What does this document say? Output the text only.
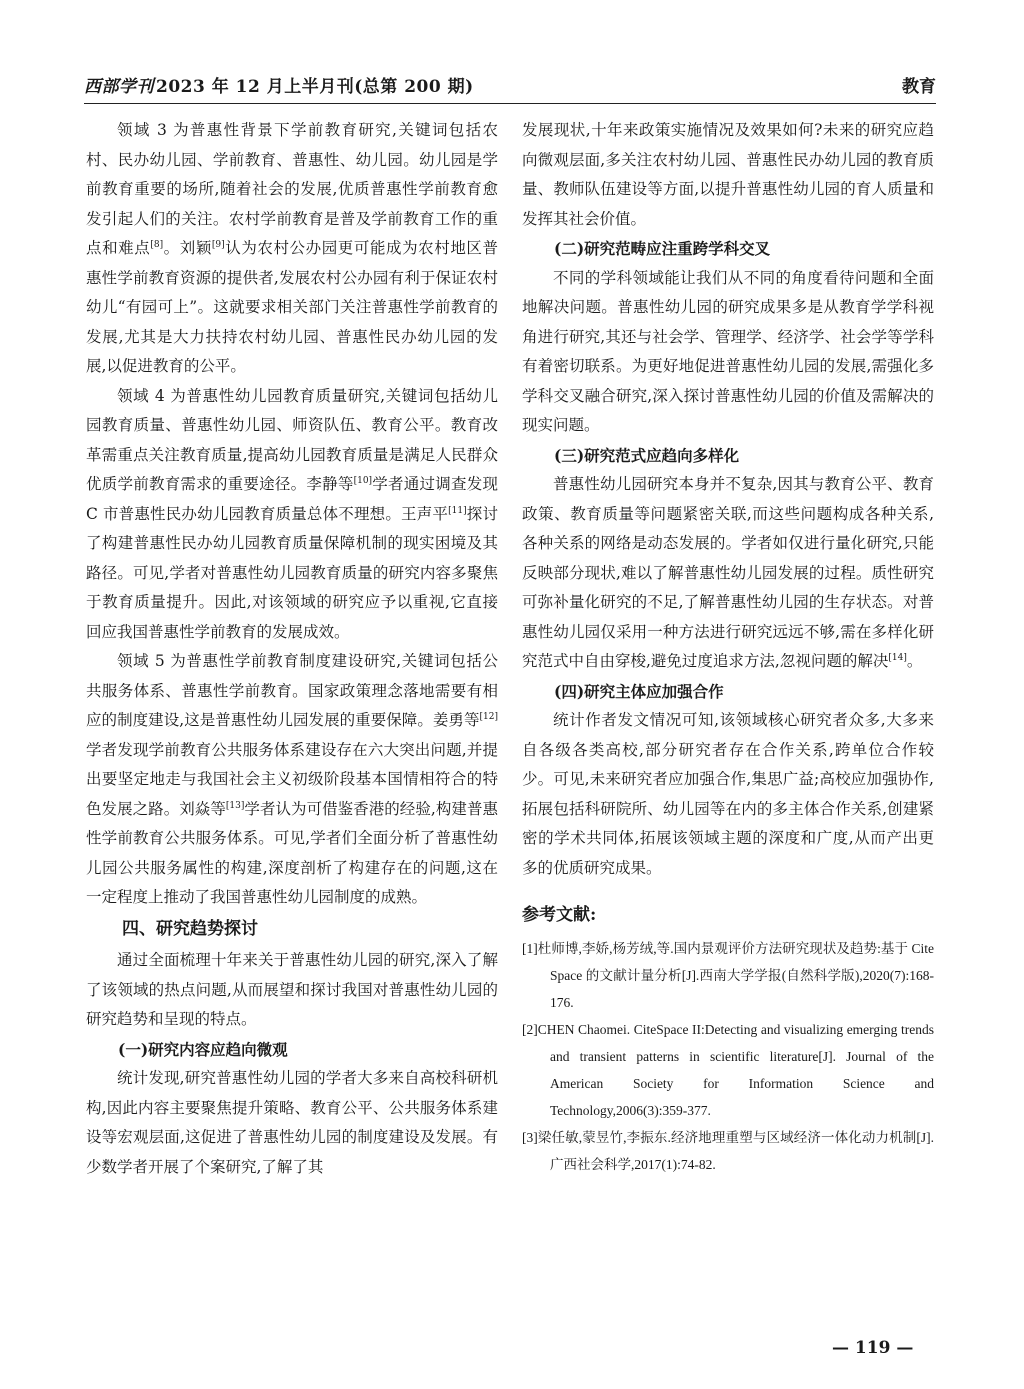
西部学刊 2023 年 12 月上半月刊(总第 200 期)	教育

领域 3 为普惠性背景下学前教育研究,关键词包括农村、民办幼儿园、学前教育、普惠性、幼儿园。幼儿园是学前教育重要的场所,随着社会的发展,优质普惠性学前教育愈发引起人们的关注。农村学前教育是普及学前教育工作的重点和难点[8]。刘颖[9]认为农村公办园更可能成为农村地区普惠性学前教育资源的提供者,发展农村公办园有利于保证农村幼儿“有园可上”。这就要求相关部门关注普惠性学前教育的发展,尤其是大力扶持农村幼儿园、普惠性民办幼儿园的发展,以促进教育的公平。

领域 4 为普惠性幼儿园教育质量研究,关键词包括幼儿园教育质量、普惠性幼儿园、师资队伍、教育公平。教育改革需重点关注教育质量,提高幼儿园教育质量是满足人民群众优质学前教育需求的重要途径。李静等[10]学者通过调查发现 C 市普惠性民办幼儿园教育质量总体不理想。王声平[11]探讨了构建普惠性民办幼儿园教育质量保障机制的现实困境及其路径。可见,学者对普惠性幼儿园教育质量的研究内容多聚焦于教育质量提升。因此,对该领域的研究应予以重视,它直接回应我国普惠性学前教育的发展成效。

领域 5 为普惠性学前教育制度建设研究,关键词包括公共服务体系、普惠性学前教育。国家政策理念落地需要有相应的制度建设,这是普惠性幼儿园发展的重要保障。姜勇等[12]学者发现学前教育公共服务体系建设存在六大突出问题,并提出要坚定地走与我国社会主义初级阶段基本国情相符合的特色发展之路。刘焱等[13]学者认为可借鉴香港的经验,构建普惠性学前教育公共服务体系。可见,学者们全面分析了普惠性幼儿园公共服务属性的构建,深度剖析了构建存在的问题,这在一定程度上推动了我国普惠性幼儿园制度的成熟。

四、研究趋势探讨

通过全面梳理十年来关于普惠性幼儿园的研究,深入了解了该领域的热点问题,从而展望和探讨我国对普惠性幼儿园的研究趋势和呈现的特点。

(一)研究内容应趋向微观

统计发现,研究普惠性幼儿园的学者大多来自高校科研机构,因此内容主要聚焦提升策略、教育公平、公共服务体系建设等宏观层面,这促进了普惠性幼儿园的制度建设及发展。有少数学者开展了个案研究,了解了其

发展现状,十年来政策实施情况及效果如何?未来的研究应趋向微观层面,多关注农村幼儿园、普惠性民办幼儿园的教育质量、教师队伍建设等方面,以提升普惠性幼儿园的育人质量和发挥其社会价值。

(二)研究范畴应注重跨学科交叉

不同的学科领域能让我们从不同的角度看待问题和全面地解决问题。普惠性幼儿园的研究成果多是从教育学学科视角进行研究,其还与社会学、管理学、经济学、社会学等学科有着密切联系。为更好地促进普惠性幼儿园的发展,需强化多学科交叉融合研究,深入探讨普惠性幼儿园的价值及需解决的现实问题。

(三)研究范式应趋向多样化

普惠性幼儿园研究本身并不复杂,因其与教育公平、教育政策、教育质量等问题紧密关联,而这些问题构成各种关系,各种关系的网络是动态发展的。学者如仅进行量化研究,只能反映部分现状,难以了解普惠性幼儿园发展的过程。质性研究可弥补量化研究的不足,了解普惠性幼儿园的生存状态。对普惠性幼儿园仅采用一种方法进行研究远远不够,需在多样化研究范式中自由穿梭,避免过度追求方法,忽视问题的解决[14]。

(四)研究主体应加强合作

统计作者发文情况可知,该领域核心研究者众多,大多来自各级各类高校,部分研究者存在合作关系,跨单位合作较少。可见,未来研究者应加强合作,集思广益;高校应加强协作,拓展包括科研院所、幼儿园等在内的多主体合作关系,创建紧密的学术共同体,拓展该领域主题的深度和广度,从而产出更多的优质研究成果。

参考文献:

[1]杜师博,李娇,杨芳绒,等.国内景观评价方法研究现状及趋势:基于 Cite Space 的文献计量分析[J].西南大学学报(自然科学版),2020(7):168-176.

[2]CHEN Chaomei. CiteSpace II:Detecting and visualizing emerging trends and transient patterns in scientific literature[J]. Journal of the American Society for Information Science and Technology,2006(3):359-377.

[3]梁任敏,蒙昱竹,李振东.经济地理重塑与区域经济一体化动力机制[J].广西社会科学,2017(1):74-82.

— 119 —
